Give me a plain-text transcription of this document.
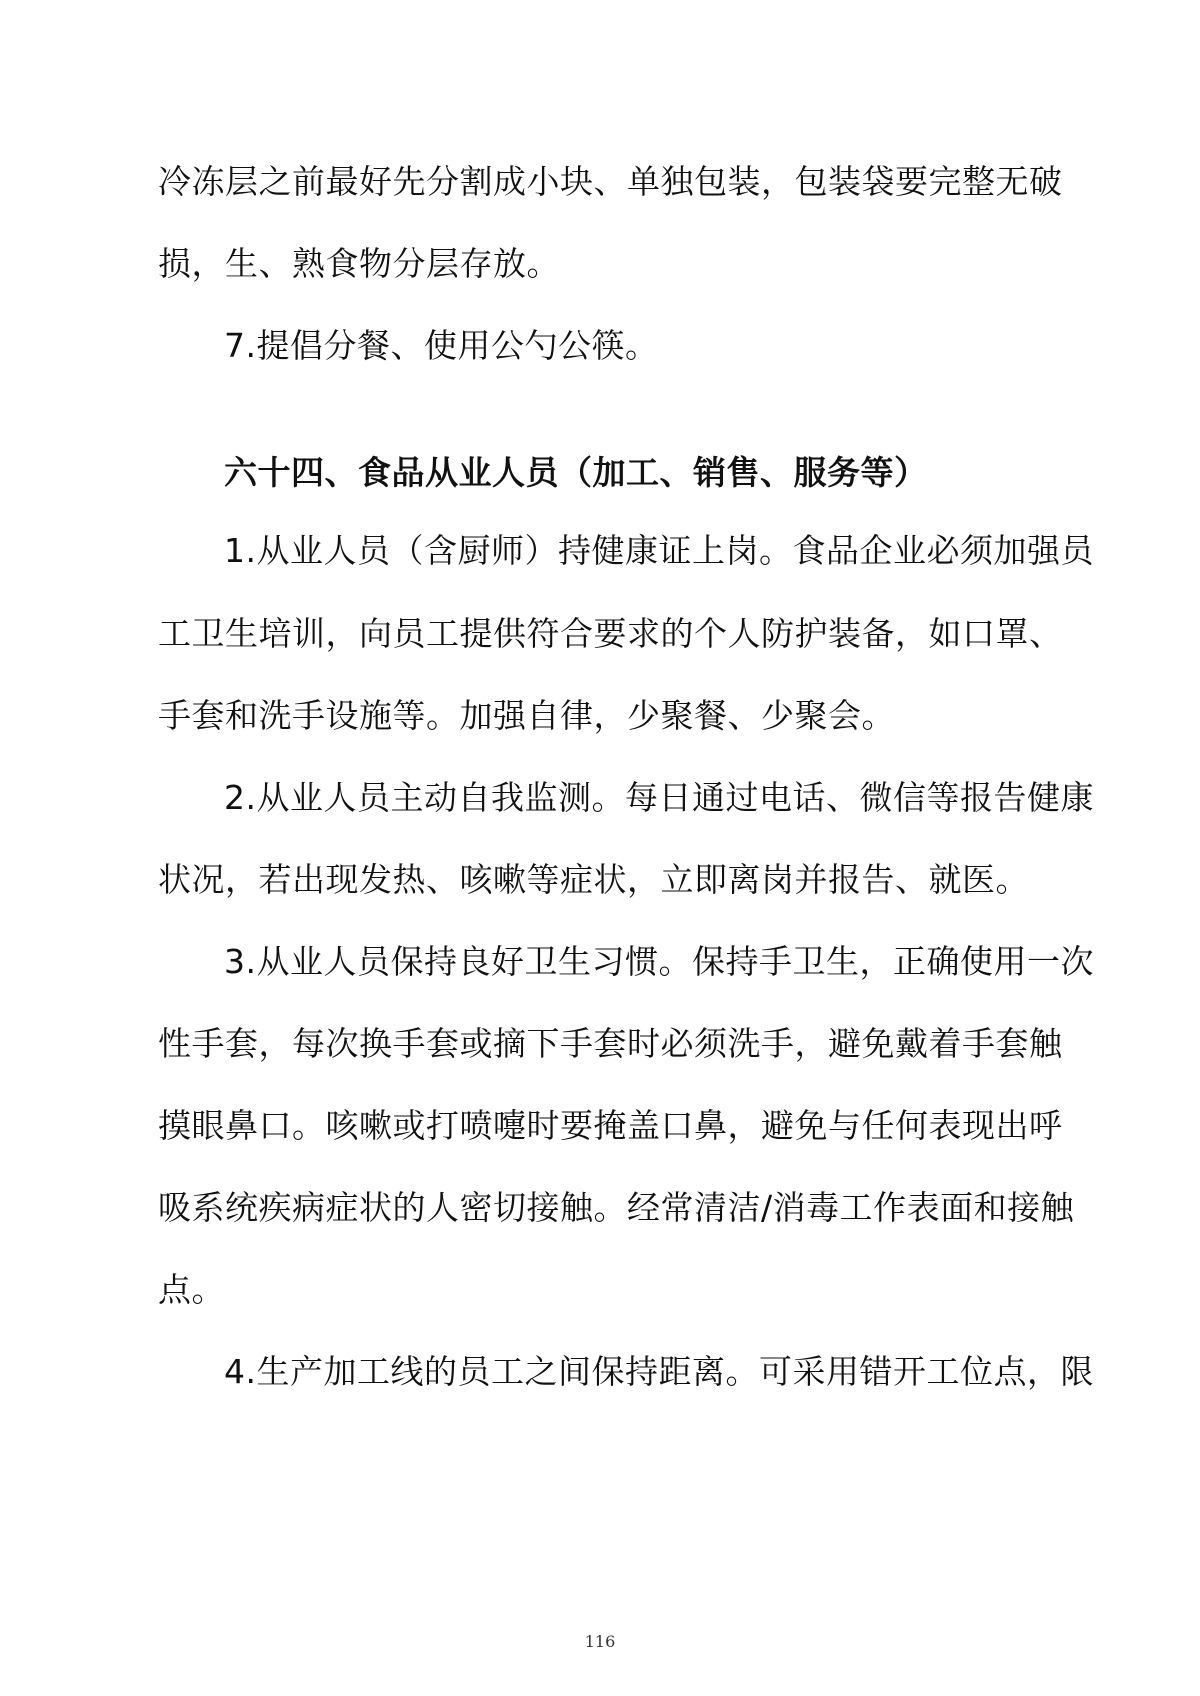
冷冻层之前最好先分割成小块、单独包装，包装袋要完整无破
损，生、熟食物分层存放。
7.提倡分餐、使用公勺公筷。
六十四、食品从业人员（加工、销售、服务等）
1.从业人员（含厨师）持健康证上岗。食品企业必须加强员
工卫生培训，向员工提供符合要求的个人防护装备，如口罩、
手套和洗手设施等。加强自律，少聚餐、少聚会。
2.从业人员主动自我监测。每日通过电话、微信等报告健康
状况，若出现发热、咳嗽等症状，立即离岗并报告、就医。
3.从业人员保持良好卫生习惯。保持手卫生，正确使用一次
性手套，每次换手套或摘下手套时必须洗手，避免戴着手套触
摸眼鼻口。咳嗽或打喷嚏时要掩盖口鼻，避免与任何表现出呼
吸系统疾病症状的人密切接触。经常清洁/消毒工作表面和接触
点。
4.生产加工线的员工之间保持距离。可采用错开工位点，限
116
